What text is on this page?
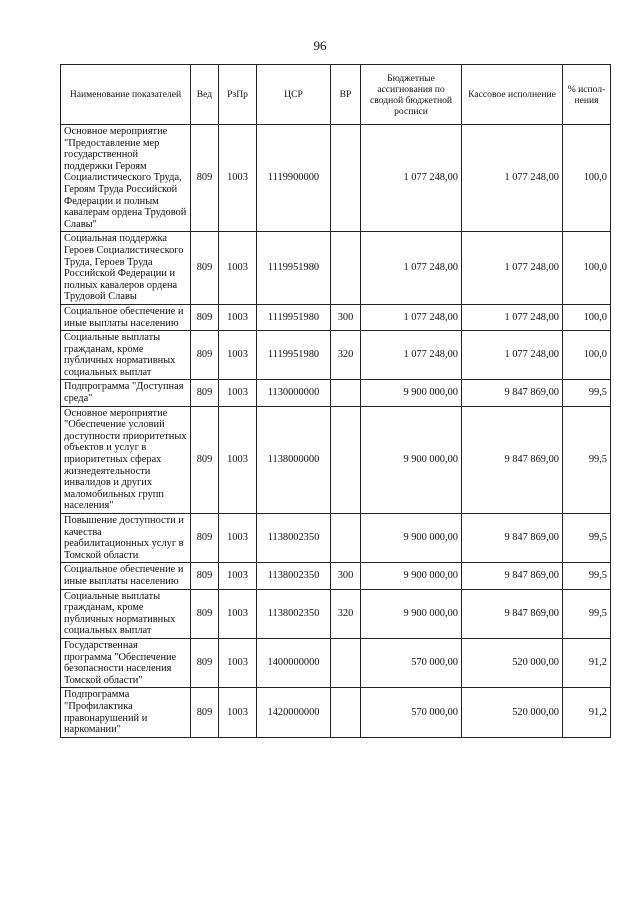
96
Наименование показателей	Вед	РзПр	ЦСР	ВР	Бюджетные ассигнования по сводной бюджетной росписи	Кассовое исполнение	% испол-нения
Основное мероприятие "Предоставление мер государственной поддержки Героям Социалистического Труда, Героям Труда Российской Федерации и полным кавалерам ордена Трудовой Славы"	809	1003	1119900000		1 077 248,00	1 077 248,00	100,0
Социальная поддержка Героев Социалистического Труда, Героев Труда Российской Федерации и полных кавалеров ордена Трудовой Славы	809	1003	1119951980		1 077 248,00	1 077 248,00	100,0
Социальное обеспечение и иные выплаты населению	809	1003	1119951980	300	1 077 248,00	1 077 248,00	100,0
Социальные выплаты гражданам, кроме публичных нормативных социальных выплат	809	1003	1119951980	320	1 077 248,00	1 077 248,00	100,0
Подпрограмма "Доступная среда"	809	1003	1130000000		9 900 000,00	9 847 869,00	99,5
Основное мероприятие "Обеспечение условий доступности приоритетных объектов и услуг в приоритетных сферах жизнедеятельности инвалидов и других маломобильных групп населения"	809	1003	1138000000		9 900 000,00	9 847 869,00	99,5
Повышение доступности и качества реабилитационных услуг в Томской области	809	1003	1138002350		9 900 000,00	9 847 869,00	99,5
Социальное обеспечение и иные выплаты населению	809	1003	1138002350	300	9 900 000,00	9 847 869,00	99,5
Социальные выплаты гражданам, кроме публичных нормативных социальных выплат	809	1003	1138002350	320	9 900 000,00	9 847 869,00	99,5
Государственная программа "Обеспечение безопасности населения Томской области"	809	1003	1400000000		570 000,00	520 000,00	91,2
Подпрограмма "Профилактика правонарушений и наркомании"	809	1003	1420000000		570 000,00	520 000,00	91,2
